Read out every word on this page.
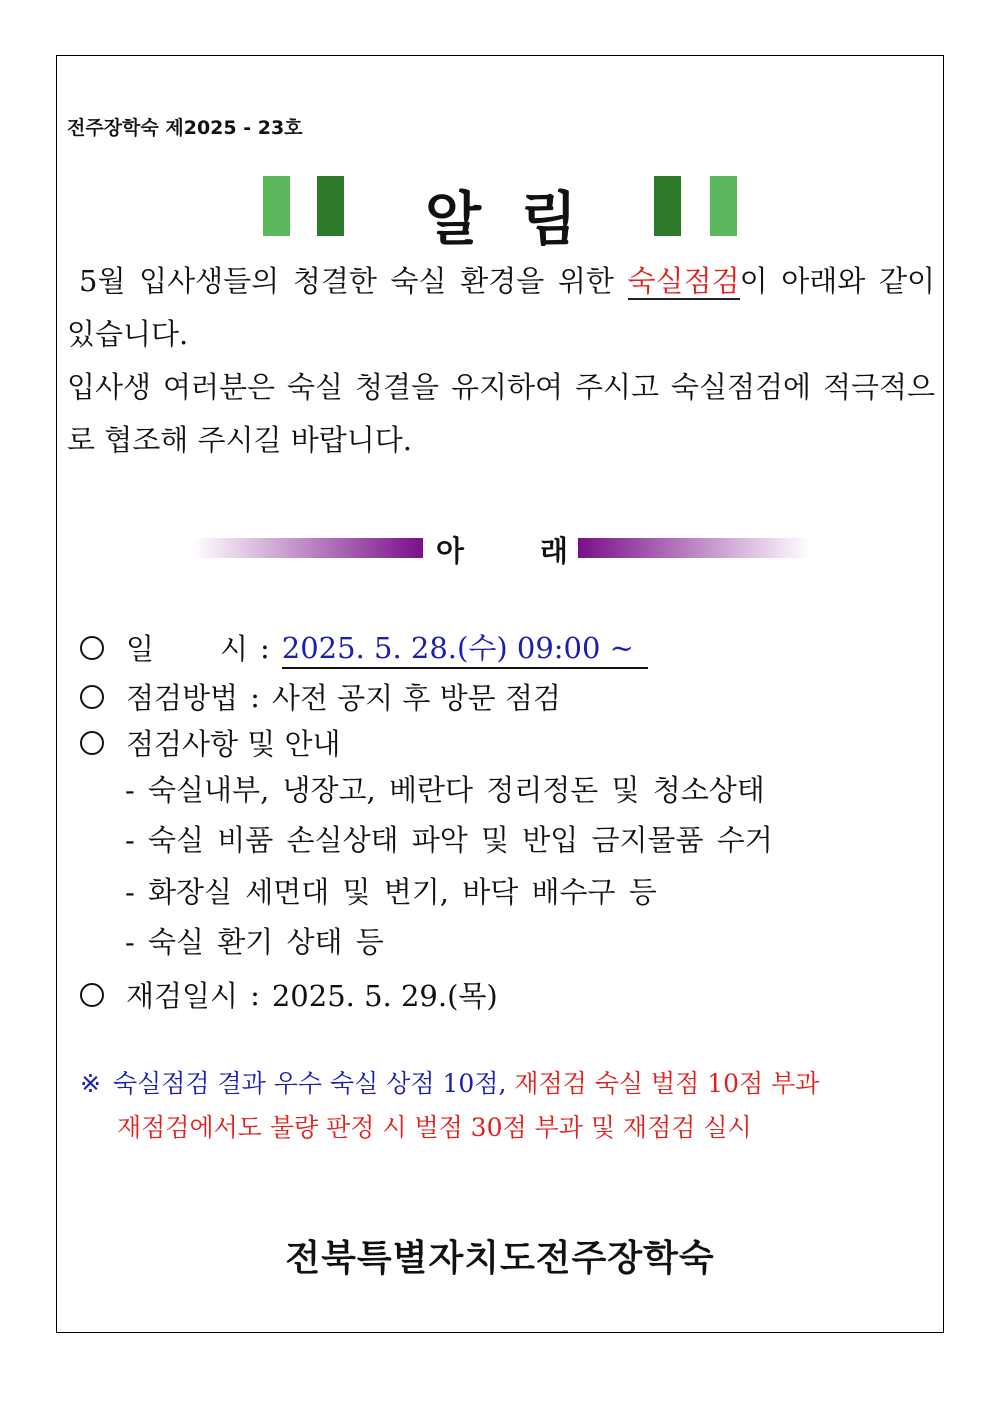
전주장학숙 제2025 - 23호
알림

5월 입사생들의 청결한 숙실 환경을 위한 숙실점검이 아래와 같이 있습니다.

입사생 여러분은 숙실 청결을 유지하여 주시고 숙실점검에 적극적으로 협조해 주시길 바랍니다.

아	래
일 시 : 2025. 5. 28.(수) 09:00 ~
점검방법 : 사전 공지 후 방문 점검
점검사항 및 안내
- 숙실내부, 냉장고, 베란다 정리정돈 및 청소상태
- 숙실 비품 손실상태 파악 및 반입 금지물품 수거
- 화장실 세면대 및 변기, 바닥 배수구 등
- 숙실 환기 상태 등
재검일시 : 2025. 5. 29.(목)
※ 숙실점검 결과 우수 숙실 상점 10점, 재점검 숙실 벌점 10점 부과
재점검에서도 불량 판정 시 벌점 30점 부과 및 재점검 실시
전북특별자치도전주장학숙
